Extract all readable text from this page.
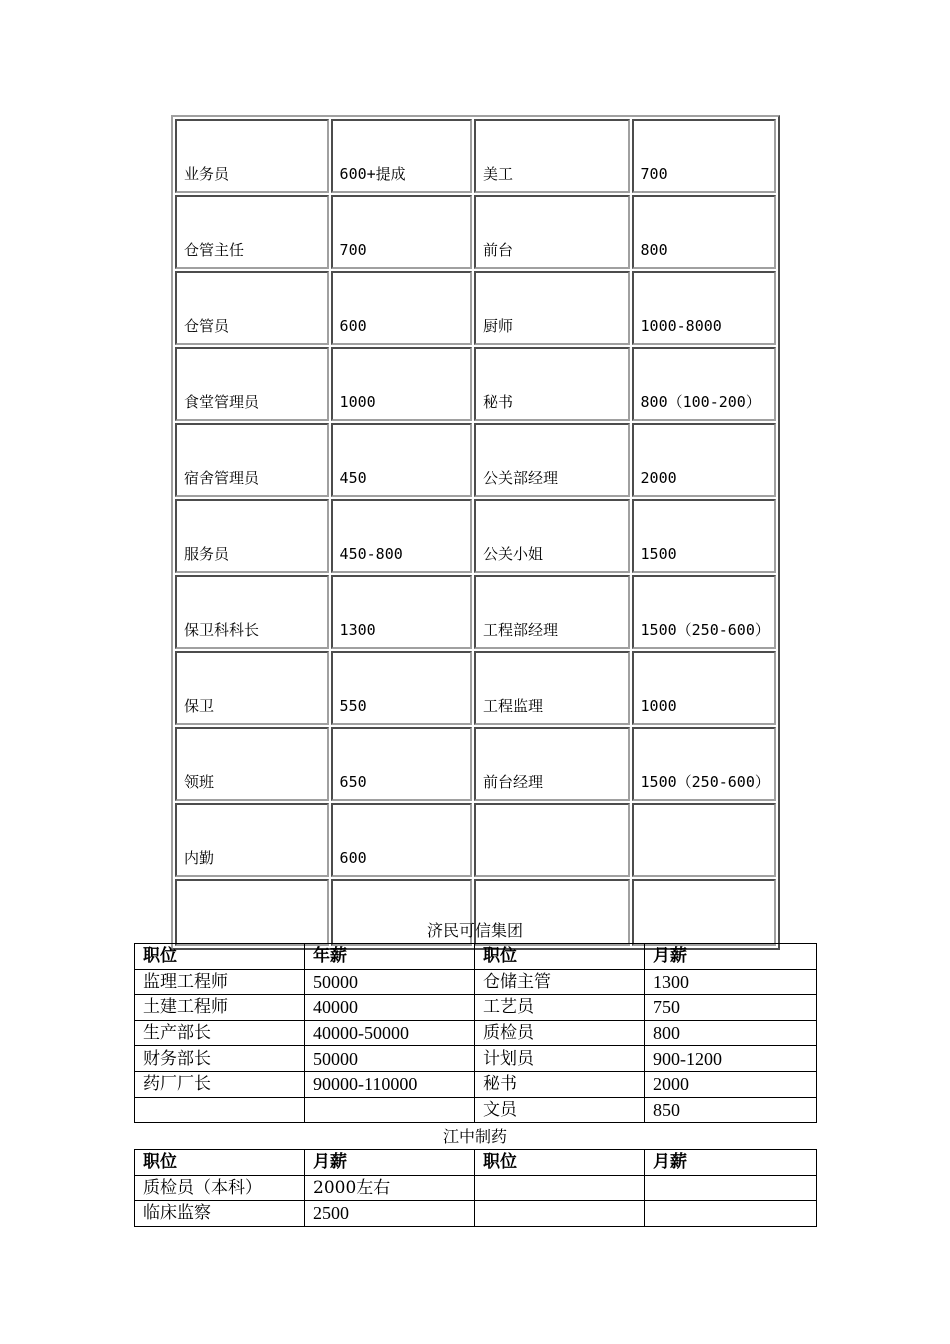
业务员	600+提成	美工	700
仓管主任	700	前台	800
仓管员	600	厨师	1000-8000
食堂管理员	1000	秘书	800（100-200）
宿舍管理员	450	公关部经理	2000
服务员	450-800	公关小姐	1500
保卫科科长	1300	工程部经理	1500（250-600）
保卫	550	工程监理	1000
领班	650	前台经理	1500（250-600）
内勤	600		

济民可信集团
职位	年薪	职位	月薪
监理工程师	50000	仓储主管	1300
土建工程师	40000	工艺员	750
生产部长	40000-50000	质检员	800
财务部长	50000	计划员	900-1200
药厂厂长	90000-110000	秘书	2000
		文员	850
江中制药
职位	月薪	职位	月薪
质检员（本科）	2000左右		
临床监察	2500		
